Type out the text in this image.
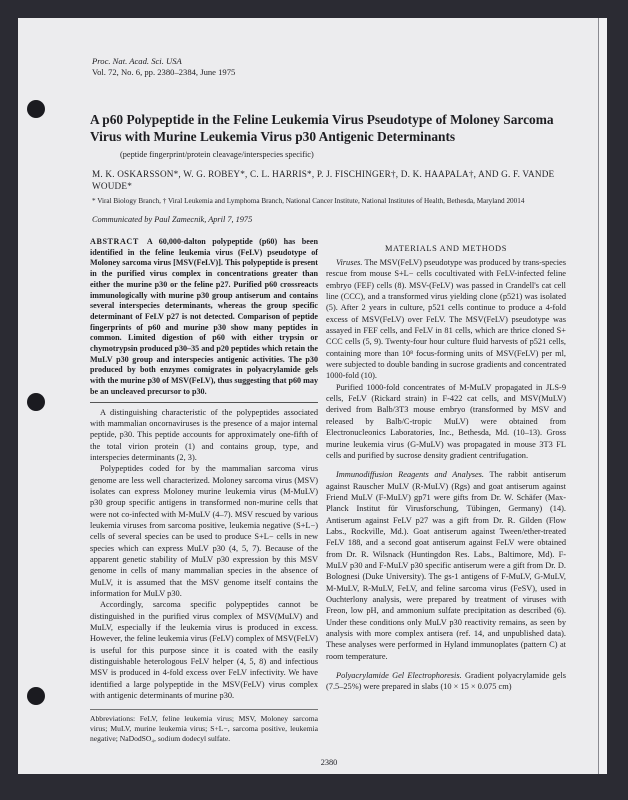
Proc. Nat. Acad. Sci. USA
Vol. 72, No. 6, pp. 2380–2384, June 1975
A p60 Polypeptide in the Feline Leukemia Virus Pseudotype of Moloney Sarcoma Virus with Murine Leukemia Virus p30 Antigenic Determinants
(peptide fingerprint/protein cleavage/interspecies specific)
M. K. OSKARSSON*, W. G. ROBEY*, C. L. HARRIS*, P. J. FISCHINGER†, D. K. HAAPALA†, AND G. F. VANDE WOUDE*
* Viral Biology Branch, † Viral Leukemia and Lymphoma Branch, National Cancer Institute, National Institutes of Health, Bethesda, Maryland 20014
Communicated by Paul Zamecnik, April 7, 1975
ABSTRACT A 60,000-dalton polypeptide (p60) has been identified in the feline leukemia virus (FeLV) pseudotype of Moloney sarcoma virus [MSV(FeLV)]. This polypeptide is present in the purified virus complex in concentrations greater than either the murine p30 or the feline p27. Purified p60 crossreacts immunologically with murine p30 group antiserum and contains several interspecies determinants, whereas the group specific determinant of FeLV p27 is not detected. Comparison of peptide fingerprints of p60 and murine p30 show many peptides in common. Limited digestion of p60 with either trypsin or chymotrypsin produced p30–35 and p20 peptides which retain the MuLV p30 group and interspecies antigenic activities. The p30 produced by both enzymes comigrates in polyacrylamide gels with the murine p30 of MSV(FeLV), thus suggesting that p60 may be an uncleaved precursor to p30.

A distinguishing characteristic of the polypeptides associated with mammalian oncornaviruses is the presence of a major internal peptide, p30. This peptide accounts for approximately one-fifth of the total virion protein (1) and contains group, type, and interspecies determinants (2, 3).

Polypeptides coded for by the mammalian sarcoma virus genome are less well characterized. Moloney sarcoma virus (MSV) isolates can express Moloney murine leukemia virus (M-MuLV) p30 group specific antigens in transformed non-murine cells that were not co-infected with M-MuLV (4–7). MSV rescued by various leukemia viruses from sarcoma positive, leukemia negative (S+L−) cells of several species can be used to produce S+L− cells in new species which can express MuLV p30 (4, 5, 7). Because of the apparent genetic stability of MuLV p30 expression by this MSV genome in cells of many mammalian species in the absence of MuLV, it is assumed that the MSV genome itself contains the information for MuLV p30.

Accordingly, sarcoma specific polypeptides cannot be distinguished in the purified virus complex of MSV(MuLV) and MuLV, especially if the leukemia virus is produced in excess. However, the feline leukemia virus (FeLV) complex of MSV(FeLV) is useful for this purpose since it is coated with the easily distinguishable heterologous FeLV helper (4, 5, 8) and infectious MSV is produced in 4-fold excess over FeLV infectivity. We have identified a large polypeptide in the MSV(FeLV) virus complex with antigenic determinants of murine p30.

Abbreviations: FeLV, feline leukemia virus; MSV, Moloney sarcoma virus; MuLV, murine leukemia virus; S+L−, sarcoma positive, leukemia negative; NaDodSO₄, sodium dodecyl sulfate.
MATERIALS AND METHODS

Viruses. The MSV(FeLV) pseudotype was produced by trans-species rescue from mouse S+L− cells cocultivated with FeLV-infected feline embryo (FEF) cells (8). MSV-(FeLV) was passed in Crandell's cat cell line (CCC), and a transformed virus yielding clone (p521) was isolated (5). After 2 years in culture, p521 cells continue to produce a 4-fold excess of MSV(FeLV) over FeLV. The MSV(FeLV) pseudotype was assayed in FEF cells, and FeLV in 81 cells, which are thrice cloned S+ CCC cells (5, 9). Twenty-four hour culture fluid harvests of p521 cells, containing more than 10⁸ focus-forming units of MSV(FeLV) per ml, were subjected to double banding in sucrose gradients and concentrated 1000-fold (10).

Purified 1000-fold concentrates of M-MuLV propagated in JLS-9 cells, FeLV (Rickard strain) in F-422 cat cells, and MSV(MuLV) derived from Balb/3T3 mouse embryo (transformed by MSV and released by Balb/C-tropic MuLV) were obtained from Electronucleonics Laboratories, Inc., Bethesda, Md. (10–13). Gross murine leukemia virus (G-MuLV) was propagated in mouse 3T3 FL cells and purified by sucrose density gradient centrifugation.

Immunodiffusion Reagents and Analyses. The rabbit antiserum against Rauscher MuLV (R-MuLV) (Rgs) and goat antiserum against Friend MuLV (F-MuLV) gp71 were gifts from Dr. W. Schäfer (Max-Planck Institut für Virusforschung, Tübingen, Germany) (14). Antiserum against FeLV p27 was a gift from Dr. R. Gilden (Flow Labs., Rockville, Md.). Goat antiserum against Tween/ether-treated FeLV 188, and a second goat antiserum against FeLV were obtained from Dr. R. Wilsnack (Huntingdon Res. Labs., Baltimore, Md). F-MuLV p30 and F-MuLV p30 specific antiserum were a gift from Dr. D. Bolognesi (Duke University). The gs-1 antigens of F-MuLV, G-MuLV, M-MuLV, R-MuLV, FeLV, and feline sarcoma virus (FeSV), used in Ouchterlony analysis, were prepared by treatment of viruses with Freon, low pH, and ammonium sulfate precipitation as described (6). Under these conditions only MuLV p30 reactivity remains, as seen by analysis with more complex antisera (ref. 14, and unpublished data). These analyses were performed in Hyland immunoplates (pattern C) at room temperature.

Polyacrylamide Gel Electrophoresis. Gradient polyacrylamide gels (7.5–25%) were prepared in slabs (10 × 15 × 0.075 cm)

2380
